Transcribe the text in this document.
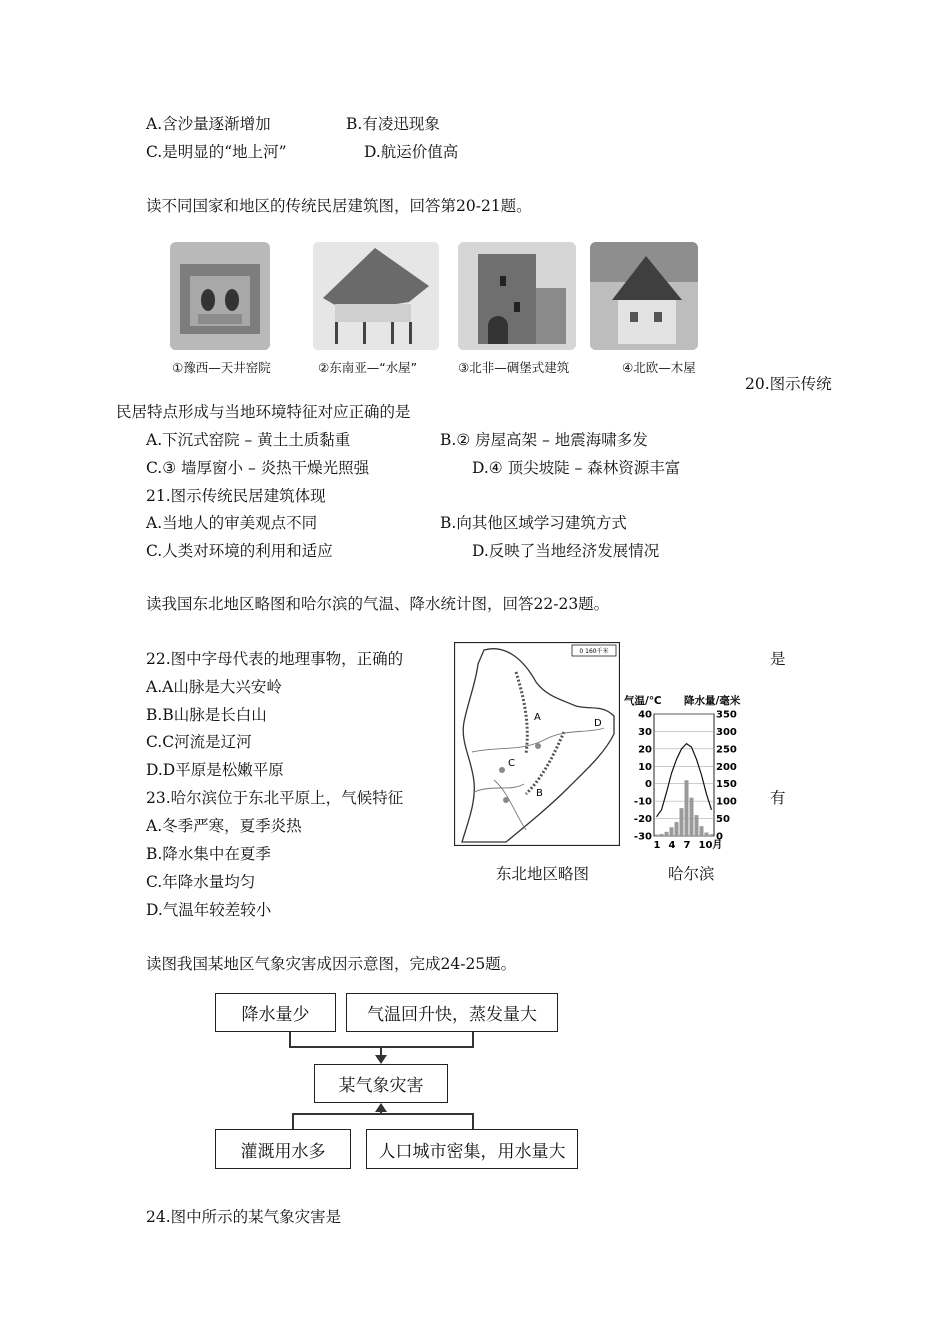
A.含沙量逐渐增加	B.有凌迅现象
C.是明显的“地上河”	D.航运价值高
读不同国家和地区的传统民居建筑图，回答第20-21题。
①豫西—天井窑院	②东南亚—“水屋”	③北非—碉堡式建筑	④北欧—木屋
20.图示传统
民居特点形成与当地环境特征对应正确的是
A.下沉式窑院 – 黄土土质黏重	B.② 房屋高架 – 地震海啸多发
C.③ 墙厚窗小 – 炎热干燥光照强	D.④ 顶尖坡陡 – 森林资源丰富
21.图示传统民居建筑体现
A.当地人的审美观点不同	B.向其他区域学习建筑方式
C.人类对环境的利用和适应	D.反映了当地经济发展情况
读我国东北地区略图和哈尔滨的气温、降水统计图，回答22-23题。
22.图中字母代表的地理事物，正确的	是
A.A山脉是大兴安岭
B.B山脉是长白山
C.C河流是辽河
D.D平原是松嫩平原
23.哈尔滨位于东北平原上，气候特征	有
A.冬季严寒，夏季炎热
B.降水集中在夏季
C.年降水量均匀
D.气温年较差较小
0 160千米
A
B
C
D
40
30
20
10
0
-10
-20
-30
350
300
250
200
150
100
50
0
气温/℃ 降水量/毫米
1 4 7 10月
东北地区略图	哈尔滨
读图我国某地区气象灾害成因示意图，完成24-25题。
降水量少	气温回升快，蒸发量大
某气象灾害
灌溉用水多	人口城市密集，用水量大
24.图中所示的某气象灾害是
